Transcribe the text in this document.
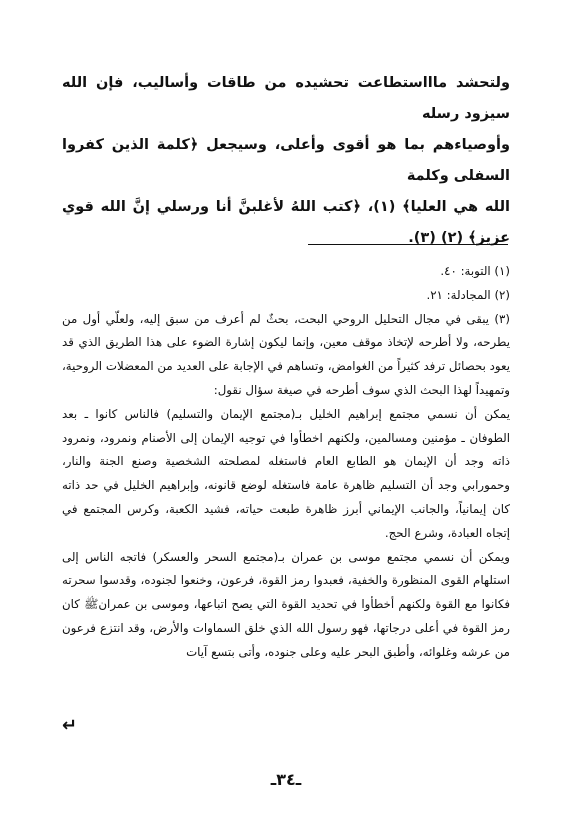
ولتحشد ماااستطاعت تحشيده من طاقات وأساليب، فإن الله سيزود رسله

وأوصياءهم بما هو أقوى وأعلى، وسيجعل ﴿كلمة الذين كفروا السفلى وكلمة

الله هي العليا﴾ (١)، ﴿كتب اللهُ لأغلبنَّ أنا ورسلي إنَّ الله قوي عزيز﴾ (٢) (٣).

(١) التوبة: ٤٠.

(٢) المجادلة: ٢١.

(٣) يبقى في مجال التحليل الروحي البحت، بحثٌ لم أعرف من سبق إليه، ولعلّي أول من يطرحه، ولا أطرحه لإتخاذ موقف معين، وإنما ليكون إشارة الضوء على هذا الطريق الذي قد يعود بحصائل ترفد كثيراً من الغوامض، وتساهم في الإجابة على العديد من المعضلات الروحية، وتمهيداً لهذا البحث الذي سوف أطرحه في صيغة سؤال نقول:

يمكن أن نسمي مجتمع إبراهيم الخليل بـ(مجتمع الإيمان والتسليم) فالناس كانوا ـ بعد الطوفان ـ مؤمنين ومسالمين، ولكنهم اخطأوا في توجيه الإيمان إلى الأصنام ونمرود، ونمرود ذاته وجد أن الإيمان هو الطابع العام فاستغله لمصلحته الشخصية وصنع الجنة والنار، وحمورابي وجد أن التسليم ظاهرة عامة فاستغله لوضع قانونه، وإبراهيم الخليل في حد ذاته كان إيمانياً، والجانب الإيماني أبرز ظاهرة طبعت حياته، فشيد الكعبة، وكرس المجتمع في إتجاه العبادة، وشرع الحج.

ويمكن أن نسمي مجتمع موسى بن عمران بـ(مجتمع السحر والعسكر) فاتجه الناس إلى استلهام القوى المنظورة والخفية، فعبدوا رمز القوة، فرعون، وخنعوا لجنوده، وقدسوا سحرته فكانوا مع القوة ولكنهم أخطأوا في تحديد القوة التي يصح اتباعها، وموسى بن عمرانﷺ كان رمز القوة في أعلى درجاتها، فهو رسول الله الذي خلق السماوات والأرض، وقد انتزع فرعون من عرشه وغلوائه، وأطبق البحر عليه وعلى جنوده، وأتى بتسع آيات

↵
ـ٣٤ـ
